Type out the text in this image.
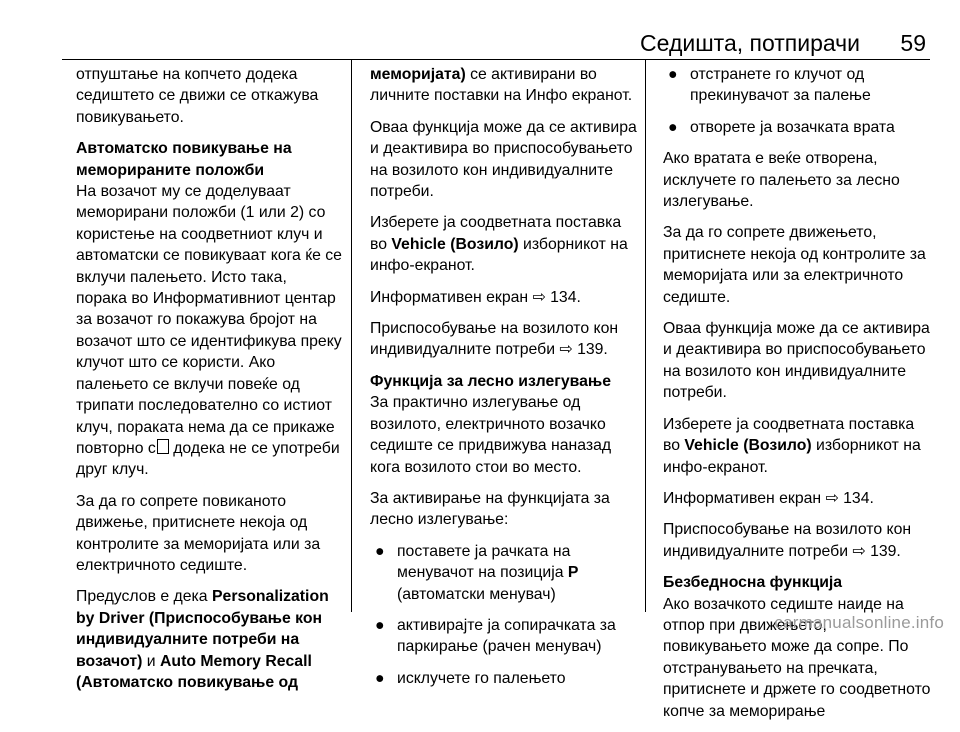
Седишта, потпирачи 59

отпуштање на копчето додека седиштето се движи се откажува повикувањето.

Автоматско повикување на меморираните положби

На возачот му се доделуваат меморирани положби (1 или 2) со користење на соодветниот клуч и автоматски се повикуваат кога ќе се вклучи палењето. Исто така, порака во Информативниот центар за возачот го покажува бројот на возачот што се идентификува преку клучот што се користи. Ако палењето се вклучи повеќе од трипати последователно со истиот клуч, пораката нема да се прикаже повторно с додека не се употреби друг клуч.

За да го сопрете повиканото движење, притиснете некоја од контролите за меморијата или за електричното седиште.

Предуслов е дека Personalization by Driver (Приспособување кон индивидуалните потреби на возачот) и Auto Memory Recall (Автоматско повикување од

меморијата) се активирани во личните поставки на Инфо екранот.

Оваа функција може да се активира и деактивира во приспособувањето на возилото кон индивидуалните потреби.

Изберете ја соодветната поставка во Vehicle (Возило) изборникот на инфо-екранот.

Информативен екран ⇨ 134.

Приспособување на возилото кон индивидуалните потреби ⇨ 139.

Функција за лесно излегување

За практично излегување од возилото, електричното возачко седиште се придвижува наназад кога возилото стои во место.

За активирање на функцијата за лесно излегување:

● поставете ја рачката на менувачот на позиција P (автоматски менувач)
● активирајте ја сопирачката за паркирање (рачен менувач)
● исклучете го палењето
● отстранете го клучот од прекинувачот за палење
● отворете ја возачката врата

Ако вратата е веќе отворена, исклучете го палењето за лесно излегување.

За да го сопрете движењето, притиснете некоја од контролите за меморијата или за електричното седиште.

Оваа функција може да се активира и деактивира во приспособувањето на возилото кон индивидуалните потреби.

Изберете ја соодветната поставка во Vehicle (Возило) изборникот на инфо-екранот.

Информативен екран ⇨ 134.

Приспособување на возилото кон индивидуалните потреби ⇨ 139.

Безбедносна функција

Ако возачкото седиште наиде на отпор при движењето, повикувањето може да сопре. По отстранувањето на пречката, притиснете и држете го соодветното копче за меморирање

carmanualsonline.info
